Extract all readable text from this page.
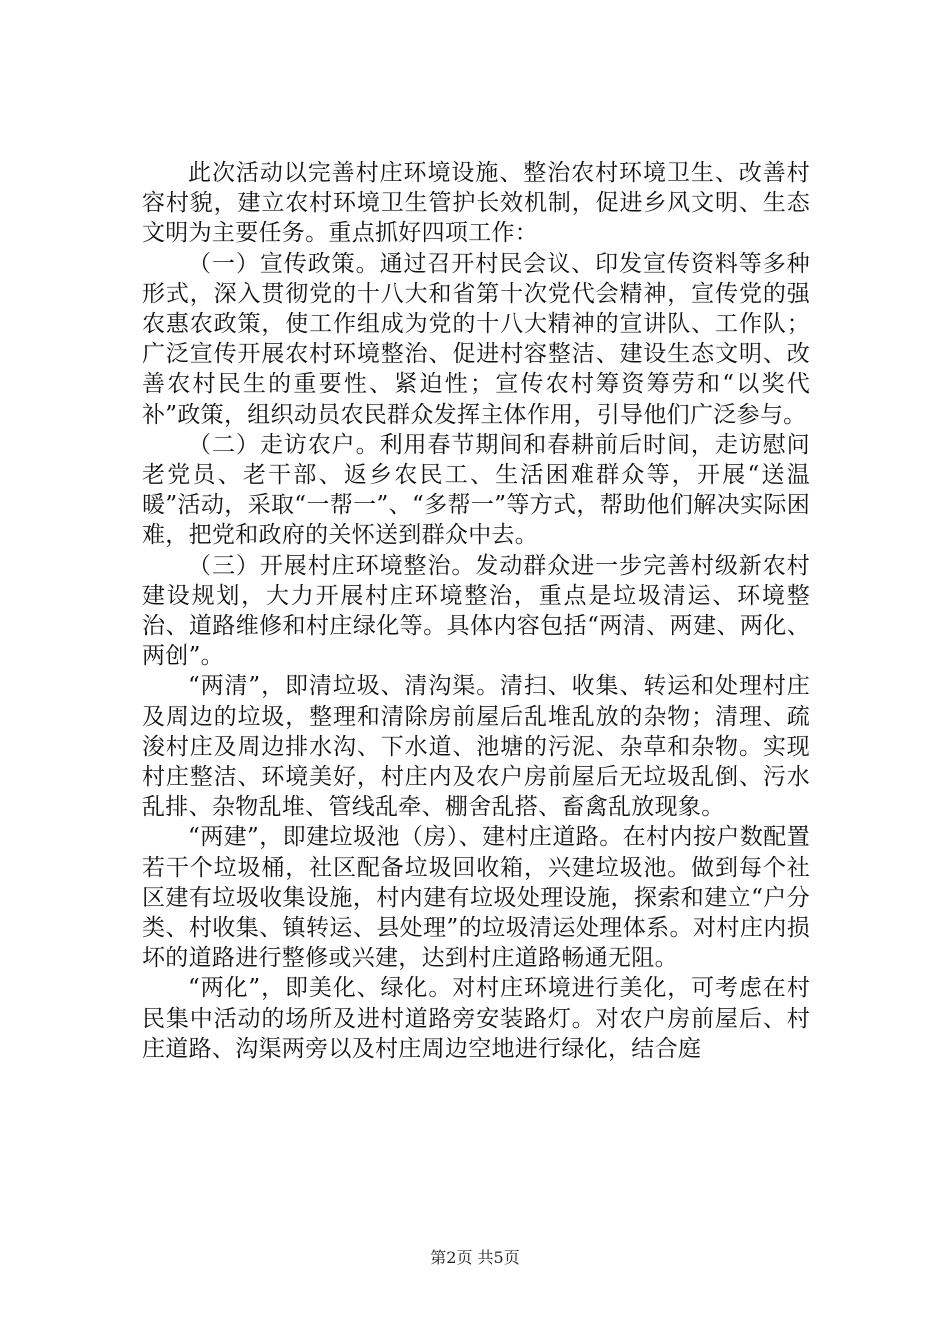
此次活动以完善村庄环境设施、整治农村环境卫生、改善村容村貌，建立农村环境卫生管护长效机制，促进乡风文明、生态文明为主要任务。重点抓好四项工作：

（一）宣传政策。通过召开村民会议、印发宣传资料等多种形式，深入贯彻党的十八大和省第十次党代会精神，宣传党的强农惠农政策，使工作组成为党的十八大精神的宣讲队、工作队；广泛宣传开展农村环境整治、促进村容整洁、建设生态文明、改善农村民生的重要性、紧迫性；宣传农村筹资筹劳和“以奖代补”政策，组织动员农民群众发挥主体作用，引导他们广泛参与。

（二）走访农户。利用春节期间和春耕前后时间，走访慰问老党员、老干部、返乡农民工、生活困难群众等，开展“送温暖”活动，采取“一帮一”、“多帮一”等方式，帮助他们解决实际困难，把党和政府的关怀送到群众中去。

（三）开展村庄环境整治。发动群众进一步完善村级新农村建设规划，大力开展村庄环境整治，重点是垃圾清运、环境整治、道路维修和村庄绿化等。具体内容包括“两清、两建、两化、两创”。

“两清”，即清垃圾、清沟渠。清扫、收集、转运和处理村庄及周边的垃圾，整理和清除房前屋后乱堆乱放的杂物；清理、疏浚村庄及周边排水沟、下水道、池塘的污泥、杂草和杂物。实现村庄整洁、环境美好，村庄内及农户房前屋后无垃圾乱倒、污水乱排、杂物乱堆、管线乱牵、棚舍乱搭、畜禽乱放现象。

“两建”，即建垃圾池（房）、建村庄道路。在村内按户数配置若干个垃圾桶，社区配备垃圾回收箱，兴建垃圾池。做到每个社区建有垃圾收集设施，村内建有垃圾处理设施，探索和建立“户分类、村收集、镇转运、县处理”的垃圾清运处理体系。对村庄内损坏的道路进行整修或兴建，达到村庄道路畅通无阻。

“两化”，即美化、绿化。对村庄环境进行美化，可考虑在村民集中活动的场所及进村道路旁安装路灯。对农户房前屋后、村庄道路、沟渠两旁以及村庄周边空地进行绿化，结合庭

第2页 共5页
